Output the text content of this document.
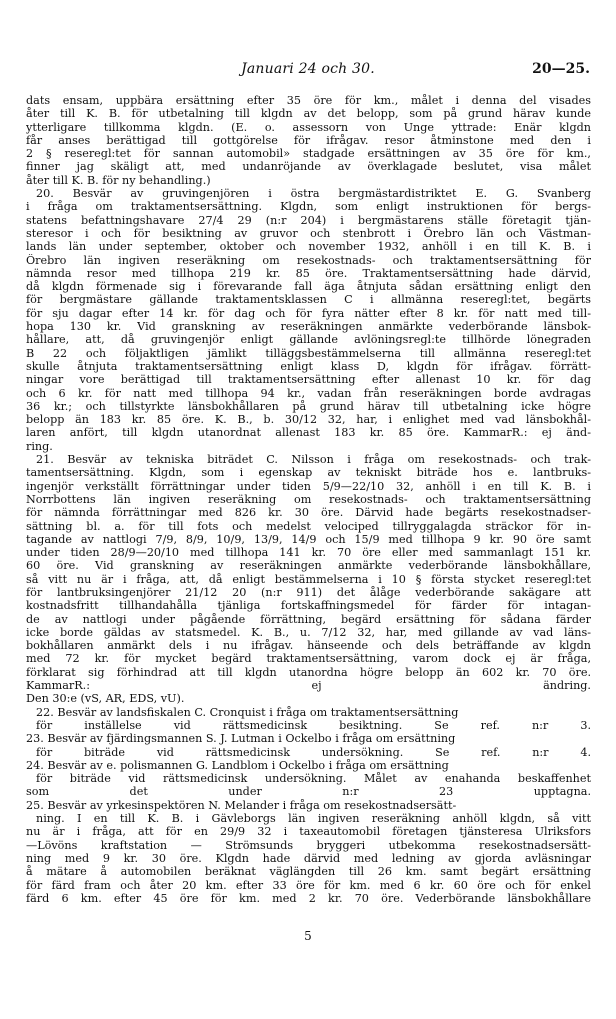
Januari 24 och 30.	20—25.
dats ensam, uppbära ersättning efter 35 öre för km., målet i denna del visades
åter till K. B. för utbetalning till klgdn av det belopp, som på grund härav kunde
ytterligare tillkomma klgdn. (E. o. assessorn von Unge yttrade: Enär klgdn
får anses berättigad till gottgörelse för ifrågav. resor åtminstone med den i
2 § reseregl:tet för sannan automobil» stadgade ersättningen av 35 öre för km.,
finner jag skäligt att, med undanröjande av överklagade beslutet, visa målet
åter till K. B. för ny behandling.)
20. Besvär av gruvingenjören i östra bergmästardistriktet E. G. Svanberg
i fråga om traktamentsersättning. Klgdn, som enligt instruktionen för bergs-
statens befattningshavare 27/4 29 (n:r 204) i bergmästarens ställe företagit tjän-
steresor i och för besiktning av gruvor och stenbrott i Örebro län och Västman-
lands län under september, oktober och november 1932, anhöll i en till K. B. i
Örebro län ingiven reseräkning om resekostnads- och traktamentsersättning för
nämnda resor med tillhopa 219 kr. 85 öre. Traktamentsersättning hade därvid,
då klgdn förmenade sig i förevarande fall äga åtnjuta sådan ersättning enligt den
för bergmästare gällande traktamentsklassen C i allmänna reseregl:tet, begärts
för sju dagar efter 14 kr. för dag och för fyra nätter efter 8 kr. för natt med till-
hopa 130 kr. Vid granskning av reseräkningen anmärkte vederbörande länsbok-
hållare, att, då gruvingenjör enligt gällande avlöningsregl:te tillhörde lönegraden
B 22 och följaktligen jämlikt tilläggsbestämmelserna till allmänna reseregl:tet
skulle åtnjuta traktamentsersättning enligt klass D, klgdn för ifrågav. förrätt-
ningar vore berättigad till traktamentsersättning efter allenast 10 kr. för dag
och 6 kr. för natt med tillhopa 94 kr., vadan från reseräkningen borde avdragas
36 kr.; och tillstyrkte länsbokhållaren på grund härav till utbetalning icke högre
belopp än 183 kr. 85 öre. K. B., b. 30/12 32, har, i enlighet med vad länsbokhål-
laren anfört, till klgdn utanordnat allenast 183 kr. 85 öre. KammarR.: ej änd-
ring.
21. Besvär av tekniska biträdet C. Nilsson i fråga om resekostnads- och trak-
tamentsersättning. Klgdn, som i egenskap av tekniskt biträde hos e. lantbruks-
ingenjör verkställt förrättningar under tiden 5/9—22/10 32, anhöll i en till K. B. i
Norrbottens län ingiven reseräkning om resekostnads- och traktamentsersättning
för nämnda förrättningar med 826 kr. 30 öre. Därvid hade begärts resekostnadser-
sättning bl. a. för till fots och medelst velociped tillryggalagda sträckor för in-
tagande av nattlogi 7/9, 8/9, 10/9, 13/9, 14/9 och 15/9 med tillhopa 9 kr. 90 öre samt
under tiden 28/9—20/10 med tillhopa 141 kr. 70 öre eller med sammanlagt 151 kr.
60 öre. Vid granskning av reseräkningen anmärkte vederbörande länsbokhållare,
så vitt nu är i fråga, att, då enligt bestämmelserna i 10 § första stycket reseregl:tet
för lantbruksingenjörer 21/12 20 (n:r 911) det ålåge vederbörande sakägare att
kostnadsfritt tillhandahålla tjänliga fortskaffningsmedel för färder för intagan-
de av nattlogi under pågående förrättning, begärd ersättning för sådana färder
icke borde gäldas av statsmedel. K. B., u. 7/12 32, har, med gillande av vad läns-
bokhållaren anmärkt dels i nu ifrågav. hänseende och dels beträffande av klgdn
med 72 kr. för mycket begärd traktamentsersättning, varom dock ej är fråga,
förklarat sig förhindrad att till klgdn utanordna högre belopp än 602 kr. 70 öre.
KammarR.: ej ändring.
Den 30:e (vS, AR, EDS, vU).
22. Besvär av landsfiskalen C. Cronquist i fråga om traktamentsersättning
för inställelse vid rättsmedicinsk besiktning. Se ref. n:r 3.
23. Besvär av fjärdingsmannen S. J. Lutman i Ockelbo i fråga om ersättning
för biträde vid rättsmedicinsk undersökning. Se ref. n:r 4.
24. Besvär av e. polismannen G. Landblom i Ockelbo i fråga om ersättning
för biträde vid rättsmedicinsk undersökning. Målet av enahanda beskaffenhet
som det under n:r 23 upptagna.
25. Besvär av yrkesinspektören N. Melander i fråga om resekostnadsersätt-
ning. I en till K. B. i Gävleborgs län ingiven reseräkning anhöll klgdn, så vitt
nu är i fråga, att för en 29/9 32 i taxeautomobil företagen tjänsteresa Ulriksfors
—Lövöns kraftstation — Strömsunds bryggeri utbekomma resekostnadsersätt-
ning med 9 kr. 30 öre. Klgdn hade därvid med ledning av gjorda avläsningar
å mätare å automobilen beräknat väglängden till 26 km. samt begärt ersättning
för färd fram och åter 20 km. efter 33 öre för km. med 6 kr. 60 öre och för enkel
färd 6 km. efter 45 öre för km. med 2 kr. 70 öre. Vederbörande länsbokhållare
5
